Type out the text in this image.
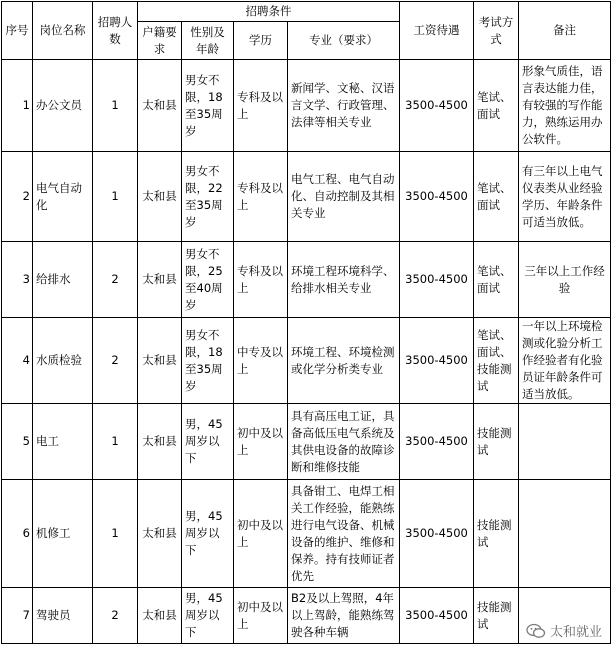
序号	岗位名称	招聘人数	招聘条件				工资待遇	考试方式	备注
			户籍要求	性别及年龄	学历	专业（要求）			
1	办公文员	1	太和县	男女不限，18至35周岁	专科及以上	新闻学、文秘、汉语言文学、行政管理、法律等相关专业	3500-4500	笔试、面试	形象气质佳，语言表达能力佳，有较强的写作能力，熟练运用办公软件。
2	电气自动化	1	太和县	男女不限，22至35周岁	专科及以上	电气工程、电气自动化、自动控制及其相关专业	3500-4500	笔试、面试	有三年以上电气仪表类从业经验学历、年龄条件可适当放低。
3	给排水	2	太和县	男女不限，25至40周岁	专科及以上	环境工程环境科学、给排水相关专业	3500-4500	笔试、面试	三年以上工作经验
4	水质检验	2	太和县	男女不限，18至35周岁	中专及以上	环境工程、环境检测或化学分析类专业	3500-4500	笔试、面试、技能测试	一年以上环境检测或化验分析工作经验者有化验员证年龄条件可适当放低。
5	电工	1	太和县	男，45周岁以下	初中及以上	具有高压电工证，具备高低压电气系统及其供电设备的故障诊断和维修技能	3500-4500	技能测试	
6	机修工	1	太和县	男，45周岁以下	初中及以上	具备钳工、电焊工相关工作经验，能熟练进行电气设备、机械设备的维护、维修和保养。持有技师证者优先	3500-4500	技能测试	
7	驾驶员	2	太和县	男，45周岁以下	初中及以上	B2及以上驾照，4年以上驾龄，能熟练驾驶各种车辆	3500-4500	技能测试	
太和就业
